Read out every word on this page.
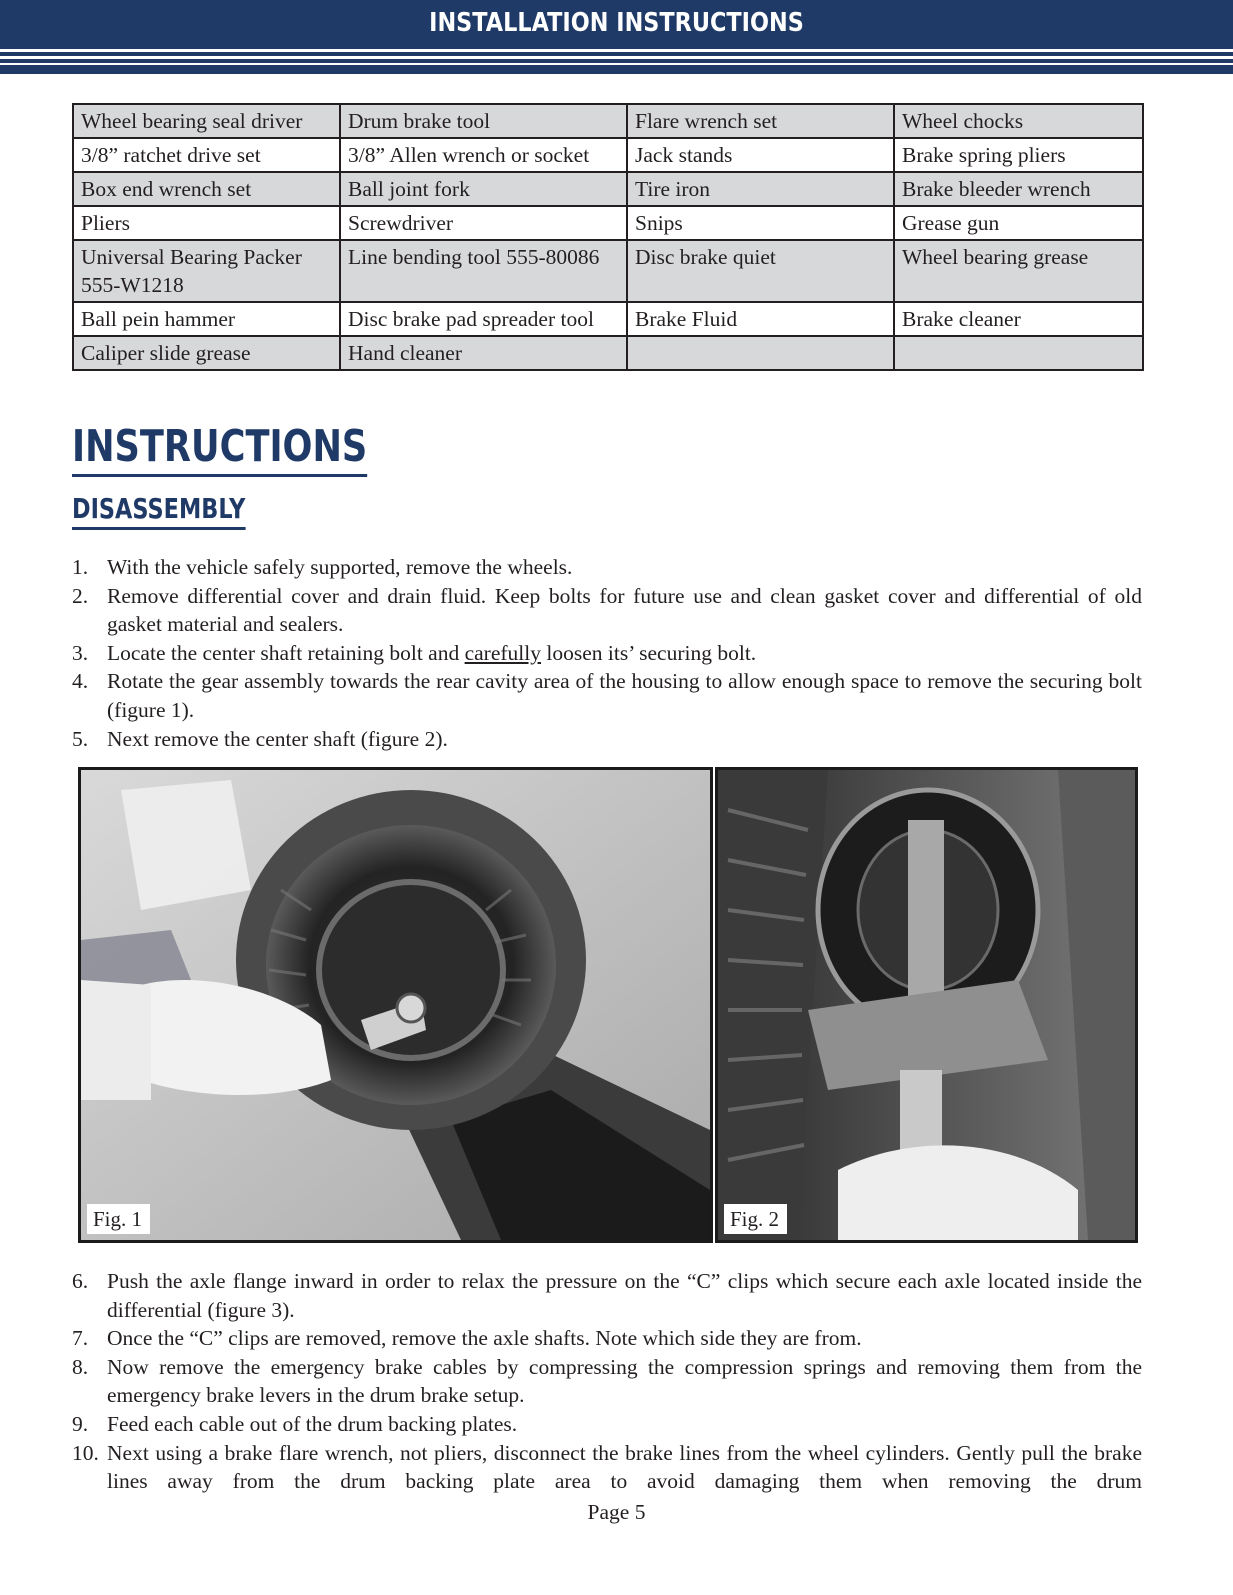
INSTALLATION INSTRUCTIONS
Wheel bearing seal driver	Drum brake tool	Flare wrench set	Wheel chocks
3/8” ratchet drive set	3/8” Allen wrench or socket	Jack stands	Brake spring pliers
Box end wrench set	Ball joint fork	Tire iron	Brake bleeder wrench
Pliers	Screwdriver	Snips	Grease gun
Universal Bearing Packer 555-W1218	Line bending tool 555-80086	Disc brake quiet	Wheel bearing grease
Ball pein hammer	Disc brake pad spreader tool	Brake Fluid	Brake cleaner
Caliper slide grease	Hand cleaner		
INSTRUCTIONS
DISASSEMBLY
1. With the vehicle safely supported, remove the wheels.
2. Remove differential cover and drain fluid. Keep bolts for future use and clean gasket cover and differential of old gasket material and sealers.
3. Locate the center shaft retaining bolt and carefully loosen its’ securing bolt.
4. Rotate the gear assembly towards the rear cavity area of the housing to allow enough space to remove the securing bolt (figure 1).
5. Next remove the center shaft (figure 2).
Fig. 1	Fig. 2
6. Push the axle flange inward in order to relax the pressure on the “C” clips which secure each axle located inside the differential (figure 3).
7. Once the “C” clips are removed, remove the axle shafts. Note which side they are from.
8. Now remove the emergency brake cables by compressing the compression springs and removing them from the emergency brake levers in the drum brake setup.
9. Feed each cable out of the drum backing plates.
10. Next using a brake flare wrench, not pliers, disconnect the brake lines from the wheel cylinders. Gently pull the brake lines away from the drum backing plate area to avoid damaging them when removing the drum
Page 5
